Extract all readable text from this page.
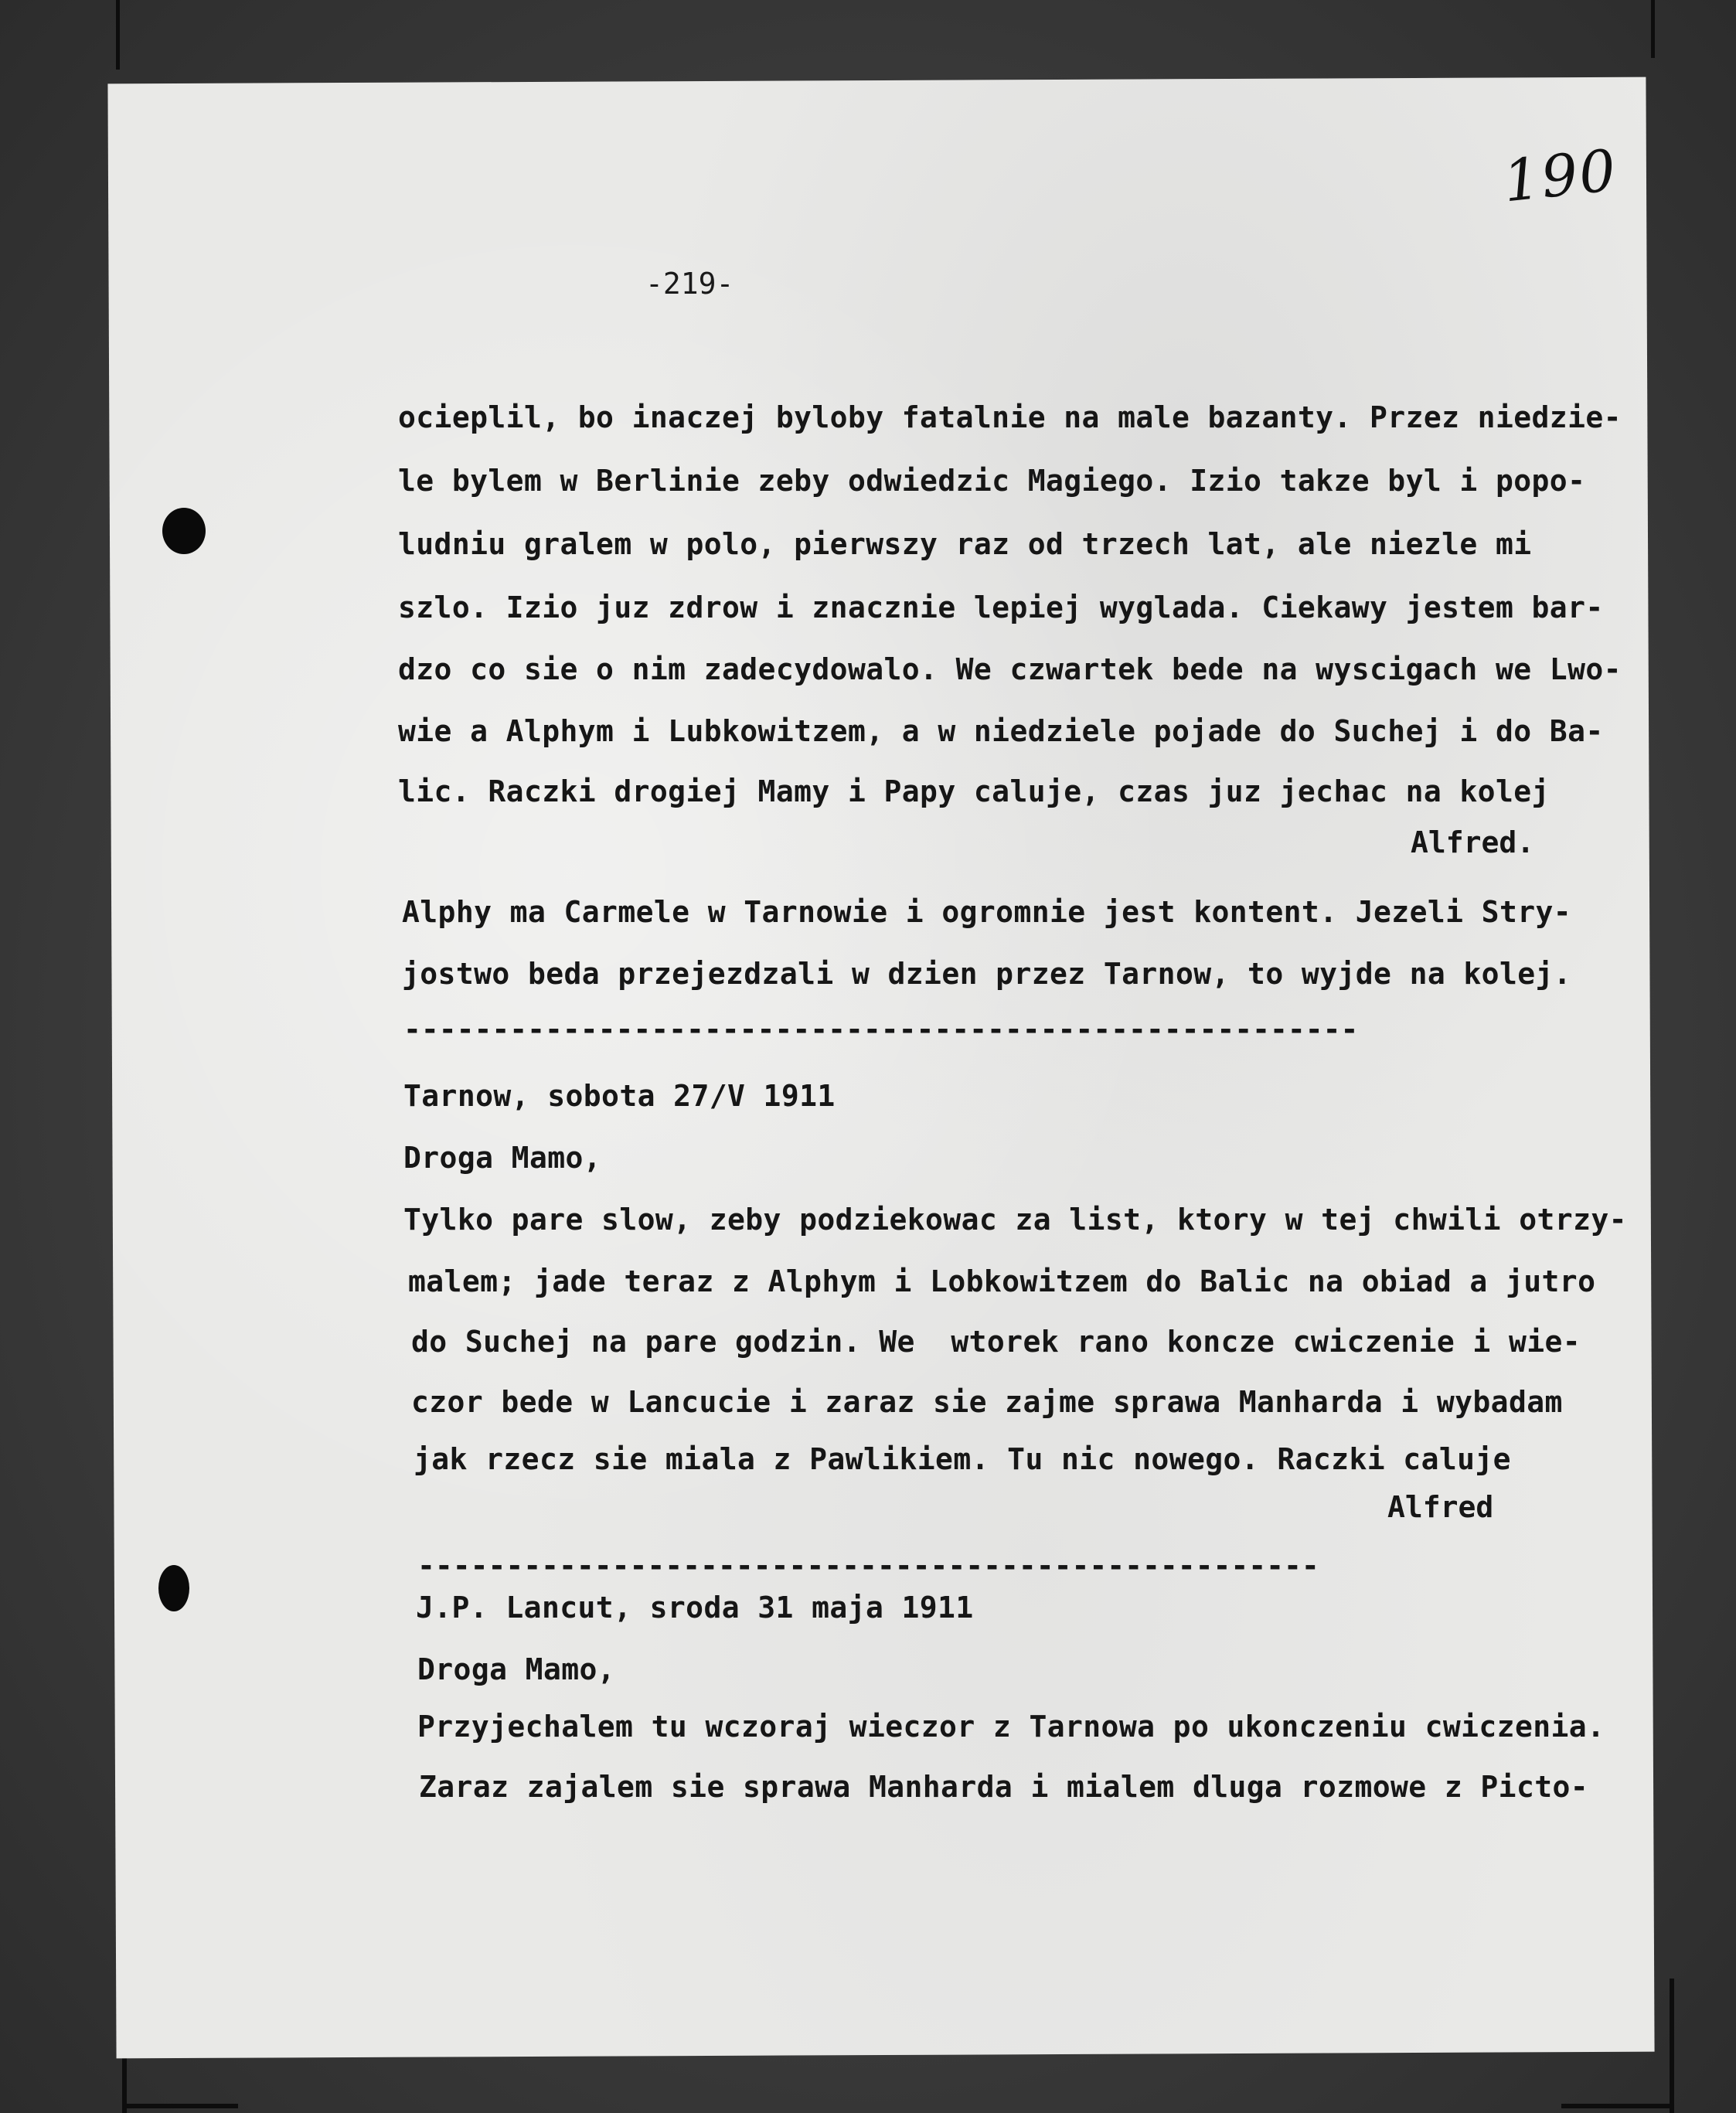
190
-219-
ocieplil, bo inaczej byloby fatalnie na male bazanty. Przez niedzie-
le bylem w Berlinie zeby odwiedzic Magiego. Izio takze byl i popo-
ludniu gralem w polo, pierwszy raz od trzech lat, ale niezle mi
szlo. Izio juz zdrow i znacznie lepiej wyglada. Ciekawy jestem bar-
dzo co sie o nim zadecydowalo. We czwartek bede na wyscigach we Lwo-
wie a Alphym i Lubkowitzem, a w niedziele pojade do Suchej i do Ba-
lic. Raczki drogiej Mamy i Papy caluje, czas juz jechac na kolej
Alfred.
Alphy ma Carmele w Tarnowie i ogromnie jest kontent. Jezeli Stry-
jostwo beda przejezdzali w dzien przez Tarnow, to wyjde na kolej.
------------------------------------------------------
Tarnow, sobota 27/V 1911
Droga Mamo,
Tylko pare slow, zeby podziekowac za list, ktory w tej chwili otrzy-
malem; jade teraz z Alphym i Lobkowitzem do Balic na obiad a jutro
do Suchej na pare godzin. We  wtorek rano koncze cwiczenie i wie-
czor bede w Lancucie i zaraz sie zajme sprawa Manharda i wybadam
jak rzecz sie miala z Pawlikiem. Tu nic nowego. Raczki caluje
Alfred
---------------------------------------------------
J.P. Lancut, sroda 31 maja 1911
Droga Mamo,
Przyjechalem tu wczoraj wieczor z Tarnowa po ukonczeniu cwiczenia.
Zaraz zajalem sie sprawa Manharda i mialem dluga rozmowe z Picto-
